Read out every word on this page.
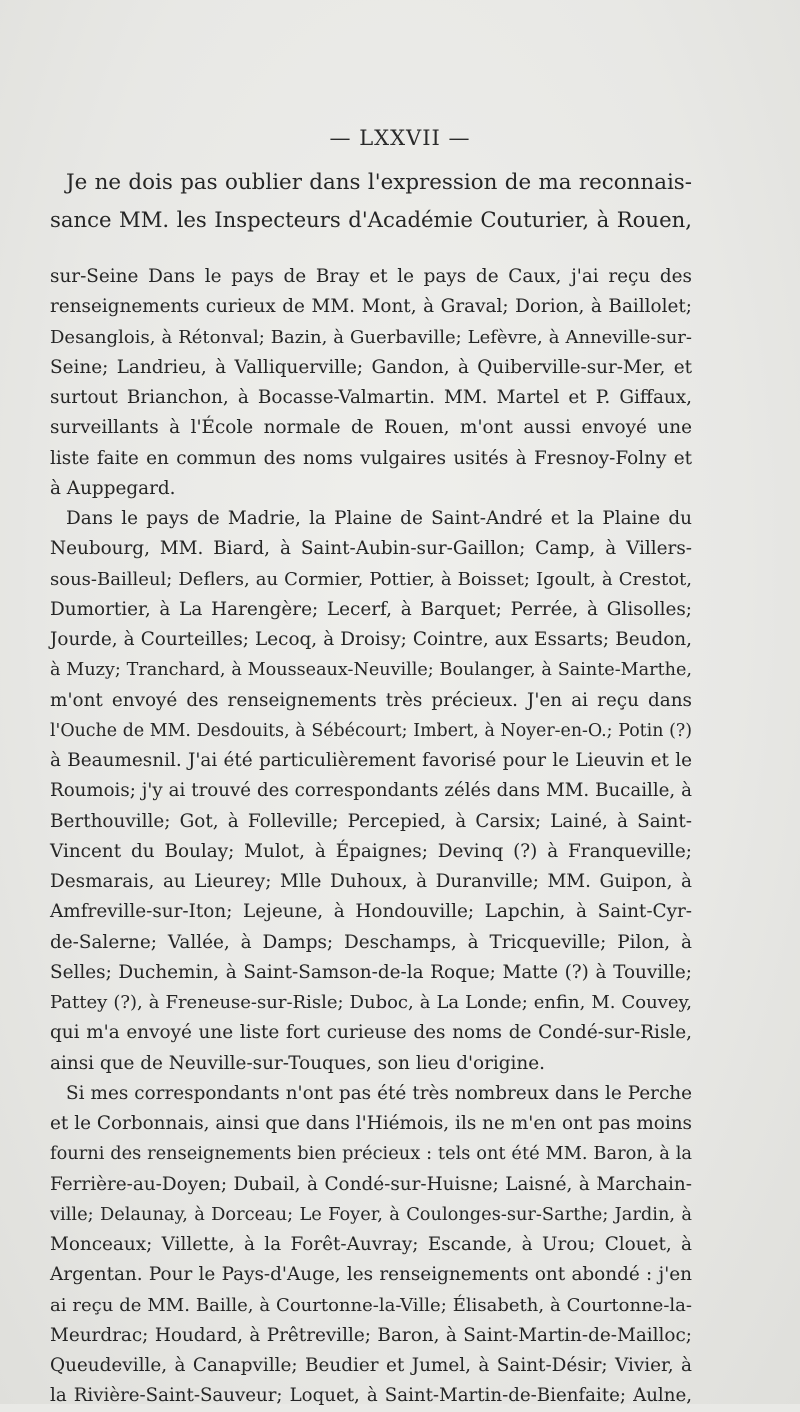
— LXXVII —
Je ne dois pas oublier dans l'expression de ma reconnais-
sance MM. les Inspecteurs d'Académie Couturier, à Rouen,
sur-Seine Dans le pays de Bray et le pays de Caux, j'ai reçu des
renseignements curieux de MM. Mont, à Graval; Dorion, à Baillolet;
Desanglois, à Rétonval; Bazin, à Guerbaville; Lefèvre, à Anneville-sur-
Seine; Landrieu, à Valliquerville; Gandon, à Quiberville-sur-Mer, et
surtout Brianchon, à Bocasse-Valmartin. MM. Martel et P. Giffaux,
surveillants à l'École normale de Rouen, m'ont aussi envoyé une
liste faite en commun des noms vulgaires usités à Fresnoy-Folny et
à Auppegard.
Dans le pays de Madrie, la Plaine de Saint-André et la Plaine du
Neubourg, MM. Biard, à Saint-Aubin-sur-Gaillon; Camp, à Villers-
sous-Bailleul; Deflers, au Cormier, Pottier, à Boisset; Igoult, à Crestot,
Dumortier, à La Harengère; Lecerf, à Barquet; Perrée, à Glisolles;
Jourde, à Courteilles; Lecoq, à Droisy; Cointre, aux Essarts; Beudon,
à Muzy; Tranchard, à Mousseaux-Neuville; Boulanger, à Sainte-Marthe,
m'ont envoyé des renseignements très précieux. J'en ai reçu dans
l'Ouche de MM. Desdouits, à Sébécourt; Imbert, à Noyer-en-O.; Potin (?)
à Beaumesnil. J'ai été particulièrement favorisé pour le Lieuvin et le
Roumois; j'y ai trouvé des correspondants zélés dans MM. Bucaille, à
Berthouville; Got, à Folleville; Percepied, à Carsix; Lainé, à Saint-
Vincent du Boulay; Mulot, à Épaignes; Devinq (?) à Franqueville;
Desmarais, au Lieurey; Mlle Duhoux, à Duranville; MM. Guipon, à
Amfreville-sur-Iton; Lejeune, à Hondouville; Lapchin, à Saint-Cyr-
de-Salerne; Vallée, à Damps; Deschamps, à Tricqueville; Pilon, à
Selles; Duchemin, à Saint-Samson-de-la Roque; Matte (?) à Touville;
Pattey (?), à Freneuse-sur-Risle; Duboc, à La Londe; enfin, M. Couvey,
qui m'a envoyé une liste fort curieuse des noms de Condé-sur-Risle,
ainsi que de Neuville-sur-Touques, son lieu d'origine.
Si mes correspondants n'ont pas été très nombreux dans le Perche
et le Corbonnais, ainsi que dans l'Hiémois, ils ne m'en ont pas moins
fourni des renseignements bien précieux : tels ont été MM. Baron, à la
Ferrière-au-Doyen; Dubail, à Condé-sur-Huisne; Laisné, à Marchain-
ville; Delaunay, à Dorceau; Le Foyer, à Coulonges-sur-Sarthe; Jardin, à
Monceaux; Villette, à la Forêt-Auvray; Escande, à Urou; Clouet, à
Argentan. Pour le Pays-d'Auge, les renseignements ont abondé : j'en
ai reçu de MM. Baille, à Courtonne-la-Ville; Élisabeth, à Courtonne-la-
Meurdrac; Houdard, à Prêtreville; Baron, à Saint-Martin-de-Mailloc;
Queudeville, à Canapville; Beudier et Jumel, à Saint-Désir; Vivier, à
la Rivière-Saint-Sauveur; Loquet, à Saint-Martin-de-Bienfaite; Aulne,
